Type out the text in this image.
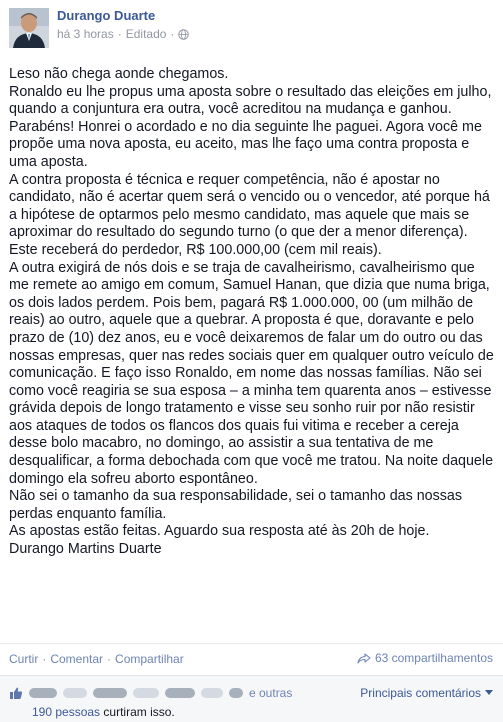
Durango Duarte
há 3 horas · Editado ·

Leso não chega aonde chegamos.

Ronaldo eu lhe propus uma aposta sobre o resultado das eleições em julho, quando a conjuntura era outra, você acreditou na mudança e ganhou.

Parabéns! Honrei o acordado e no dia seguinte lhe paguei. Agora você me propõe uma nova aposta, eu aceito, mas lhe faço uma contra proposta e uma aposta.

A contra proposta é técnica e requer competência, não é apostar no candidato, não é acertar quem será o vencido ou o vencedor, até porque há a hipótese de optarmos pelo mesmo candidato, mas aquele que mais se aproximar do resultado do segundo turno (o que der a menor diferença). Este receberá do perdedor, R$ 100.000,00 (cem mil reais).

A outra exigirá de nós dois e se traja de cavalheirismo, cavalheirismo que me remete ao amigo em comum, Samuel Hanan, que dizia que numa briga, os dois lados perdem. Pois bem, pagará R$ 1.000.000, 00 (um milhão de reais) ao outro, aquele que a quebrar. A proposta é que, doravante e pelo prazo de (10) dez anos, eu e você deixaremos de falar um do outro ou das nossas empresas, quer nas redes sociais quer em qualquer outro veículo de comunicação. E faço isso Ronaldo, em nome das nossas famílias. Não sei como você reagiria se sua esposa – a minha tem quarenta anos – estivesse grávida depois de longo tratamento e visse seu sonho ruir por não resistir aos ataques de todos os flancos dos quais fui vitima e receber a cereja desse bolo macabro, no domingo, ao assistir a sua tentativa de me desqualificar, a forma debochada com que você me tratou. Na noite daquele domingo ela sofreu aborto espontâneo.

Não sei o tamanho da sua responsabilidade, sei o tamanho das nossas perdas enquanto família.

As apostas estão feitas. Aguardo sua resposta até às 20h de hoje.

Durango Martins Duarte

Curtir · Comentar · Compartilhar	63 compartilhamentos
e outras	Principais comentários
190 pessoas curtiram isso.
